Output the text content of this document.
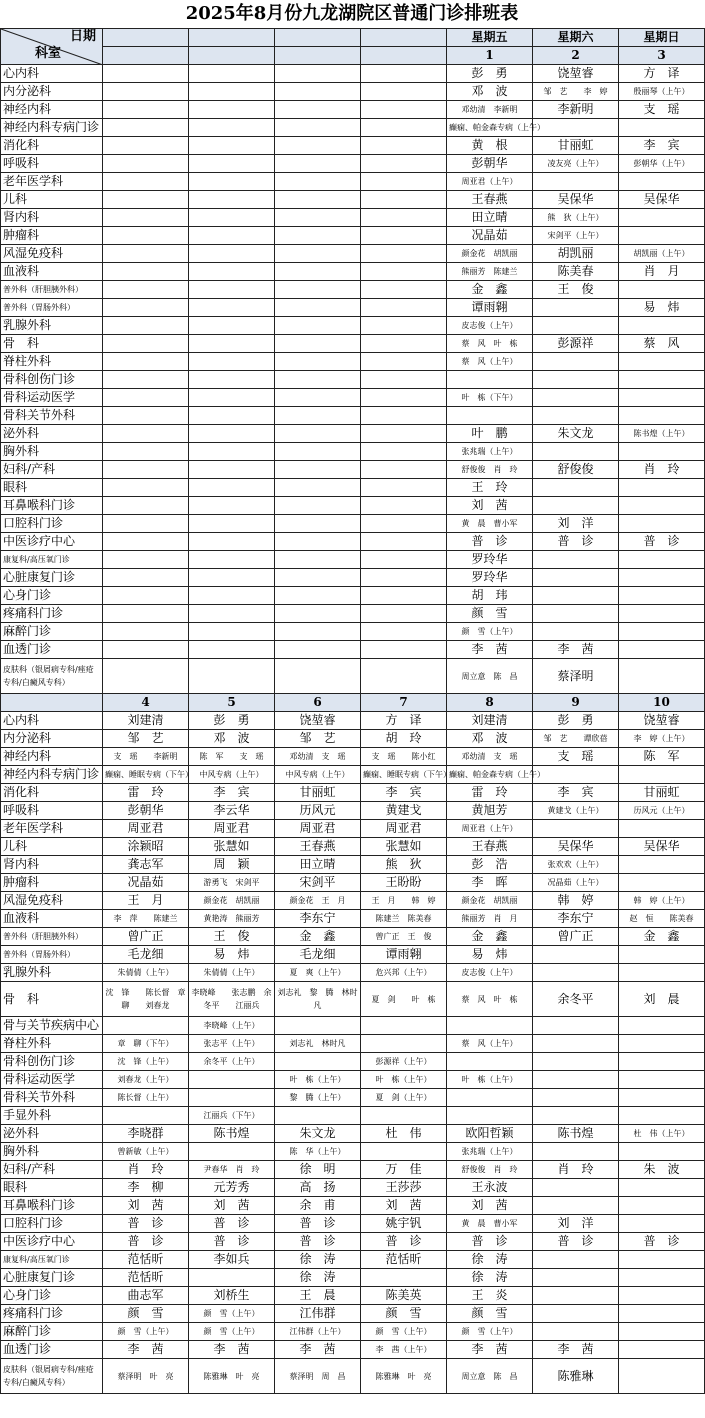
2025年8月份九龙湖院区普通门诊排班表
日期
科室					星期五	星期六	星期日
					1	2	3
心内科					彭　勇	饶堃睿	方　译
内分泌科					邓　波	邹　艺　　李　婷	殷丽琴（上午）
神经内科					邓幼清　李新明	李新明	支　瑶
神经内科专病门诊					癫痫、帕金森专病（上午）		
消化科					黄　根	甘丽虹	李　宾
呼吸科					彭朝华	凌友亮（上午）	彭朝华（上午）
老年医学科					周亚君（上午）		
儿科					王春燕	吴保华	吴保华
肾内科					田立晴	熊　狄（上午）	
肿瘤科					况晶茹	宋剑平（上午）	
风湿免疫科					颜金花　胡凯丽	胡凯丽	胡凯丽（上午）
血液科					熊丽芳　陈建兰	陈美春	肖　月
普外科（肝胆胰外科）					金　鑫	王　俊	
普外科（胃肠外科）					谭雨翱		易　炜
乳腺外科					皮志俊（上午）		
骨　科					蔡　风　叶　栋	彭源祥	蔡　风
脊柱外科					蔡　风（上午）		
骨科创伤门诊							
骨科运动医学					叶　栋（下午）		
骨科关节外科							
泌外科					叶　鹏	朱文龙	陈书煌（上午）
胸外科					张兆瑞（上午）		
妇科/产科					舒俊俊　肖　玲	舒俊俊	肖　玲
眼科					王　玲		
耳鼻喉科门诊					刘　茜		
口腔科门诊					黄　晨　曹小军	刘　洋	
中医诊疗中心					普　诊	普　诊	普　诊
康复科/高压氧门诊					罗玲华		
心脏康复门诊					罗玲华		
心身门诊					胡　玮		
疼痛科门诊					颜　雪		
麻醉门诊					颜　雪（上午）		
血透门诊					李　茜	李　茜	
皮肤科（银屑病专科/痤疮专科/白癜风专科）					周立意　陈　昌	蔡泽明	
	4	5	6	7	8	9	10
心内科	刘建清	彭　勇	饶堃睿	方　译	刘建清	彭　勇	饶堃睿
内分泌科	邹　艺	邓　波	邹　艺	胡　玲	邓　波	邹　艺　　谭欣蓓	李　婷（上午）
神经内科	支　瑶　　李新明	陈　军　　支　瑶	邓幼清　支　瑶	支　瑶　　陈小红	邓幼清　支　瑶	支　瑶	陈　军
神经内科专病门诊	癫痫、睡眠专病（下午）	中风专病（上午）	中风专病（上午）	癫痫、睡眠专病（下午）	癫痫、帕金森专病（上午）		
消化科	雷　玲	李　宾	甘丽虹	李　宾	雷　玲	李　宾	甘丽虹
呼吸科	彭朝华	李云华	历风元	黄建戈	黄旭芳	黄建戈（上午）	历风元（上午）
老年医学科	周亚君	周亚君	周亚君	周亚君	周亚君（上午）		
儿科	涂颖昭	张慧如	王春燕	张慧如	王春燕	吴保华	吴保华
肾内科	龚志军	周　颖	田立晴	熊　狄	彭　浩	张欢欢（上午）	
肿瘤科	况晶茹	游勇飞　宋剑平	宋剑平	王盼盼	李　晖	况晶茹（上午）	
风湿免疫科	王　月	颜金花　胡凯丽	颜金花　王　月	王　月　　韩　婷	颜金花　胡凯丽	韩　婷	韩　婷（上午）
血液科	李　萍　　陈建兰	黄艳涛　熊丽芳	李东宁	陈建兰　陈美春	熊丽芳　肖　月	李东宁	赵　恒　　陈美春
普外科（肝胆胰外科）	曾广正	王　俊	金　鑫	曾广正　王　俊	金　鑫	曾广正	金　鑫
普外科（胃肠外科）	毛龙细	易　炜	毛龙细	谭雨翱	易　炜		
乳腺外科	朱倩倩（上午）	朱倩倩（上午）	夏　爽（上午）	危兴邦（上午）	皮志俊（上午）		
骨　科	沈　锋　　陈长督　章　聊　　刘春龙	李晓峰　　张志鹏　余冬平　　江丽兵	刘志礼　黎　腾　林时凡	夏　剑　　叶　栋	蔡　风　叶　栋	余冬平	刘　晨
骨与关节疾病中心		李晓峰（上午）					
脊柱外科	章　聊（下午）	张志平（上午）	刘志礼　林时凡		蔡　风（上午）		
骨科创伤门诊	沈　锋（上午）	余冬平（上午）		彭源祥（上午）			
骨科运动医学	刘春龙（上午）		叶　栋（上午）	叶　栋（上午）	叶　栋（上午）		
骨科关节外科	陈长督（上午）		黎　腾（上午）	夏　剑（上午）			
手显外科		江丽兵（下午）					
泌外科	李晓群	陈书煌	朱文龙	杜　伟	欧阳哲颖	陈书煌	杜　伟（上午）
胸外科	曾新敏（上午）		陈　华（上午）		张兆瑞（上午）		
妇科/产科	肖　玲	尹春华　肖　玲	徐　明	万　佳	舒俊俊　肖　玲	肖　玲	朱　波
眼科	李　柳	元芳秀	高　扬	王莎莎	王永波		
耳鼻喉科门诊	刘　茜	刘　茜	余　甫	刘　茜	刘　茜		
口腔科门诊	普　诊	普　诊	普　诊	姚宇钒	黄　晨　曹小军	刘　洋	
中医诊疗中心	普　诊	普　诊	普　诊	普　诊	普　诊	普　诊	普　诊
康复科/高压氧门诊	范恬昕	李如兵	徐　涛	范恬昕	徐　涛		
心脏康复门诊	范恬昕		徐　涛		徐　涛		
心身门诊	曲志军	刘桥生	王　晨	陈美英	王　炎		
疼痛科门诊	颜　雪	颜　雪（上午）	江伟群	颜　雪	颜　雪		
麻醉门诊	颜　雪（上午）	颜　雪（上午）	江伟群（上午）	颜　雪（上午）	颜　雪（上午）		
血透门诊	李　茜	李　茜	李　茜	李　茜（上午）	李　茜	李　茜	
皮肤科（银屑病专科/痤疮专科/白癜风专科）	蔡泽明　叶　亮	陈雅琳　叶　亮	蔡泽明　周　昌	陈雅琳　叶　亮	周立意　陈　昌	陈雅琳	
